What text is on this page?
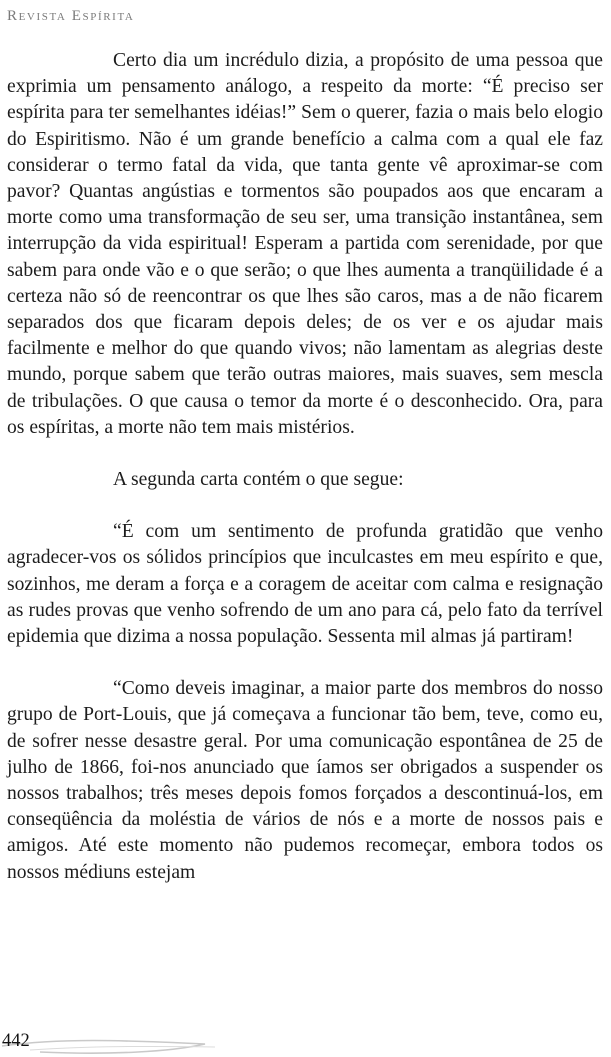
Revista Espírita

Certo dia um incrédulo dizia, a propósito de uma pessoa que exprimia um pensamento análogo, a respeito da morte: “É preciso ser espírita para ter semelhantes idéias!” Sem o querer, fazia o mais belo elogio do Espiritismo. Não é um grande benefício a calma com a qual ele faz considerar o termo fatal da vida, que tanta gente vê aproximar-se com pavor? Quantas angústias e tormentos são poupados aos que encaram a morte como uma transformação de seu ser, uma transição instantânea, sem interrupção da vida espiritual! Esperam a partida com serenidade, por que sabem para onde vão e o que serão; o que lhes aumenta a tranqüilidade é a certeza não só de reencontrar os que lhes são caros, mas a de não ficarem separados dos que ficaram depois deles; de os ver e os ajudar mais facilmente e melhor do que quando vivos; não lamentam as alegrias deste mundo, porque sabem que terão outras maiores, mais suaves, sem mescla de tribulações. O que causa o temor da morte é o desconhecido. Ora, para os espíritas, a morte não tem mais mistérios.

A segunda carta contém o que segue:

“É com um sentimento de profunda gratidão que venho agradecer-vos os sólidos princípios que inculcastes em meu espírito e que, sozinhos, me deram a força e a coragem de aceitar com calma e resignação as rudes provas que venho sofrendo de um ano para cá, pelo fato da terrível epidemia que dizima a nossa população. Sessenta mil almas já partiram!

“Como deveis imaginar, a maior parte dos membros do nosso grupo de Port-Louis, que já começava a funcionar tão bem, teve, como eu, de sofrer nesse desastre geral. Por uma comunicação espontânea de 25 de julho de 1866, foi-nos anunciado que íamos ser obrigados a suspender os nossos trabalhos; três meses depois fomos forçados a descontinuá-los, em conseqüência da moléstia de vários de nós e a morte de nossos pais e amigos. Até este momento não pudemos recomeçar, embora todos os nossos médiuns estejam

442
